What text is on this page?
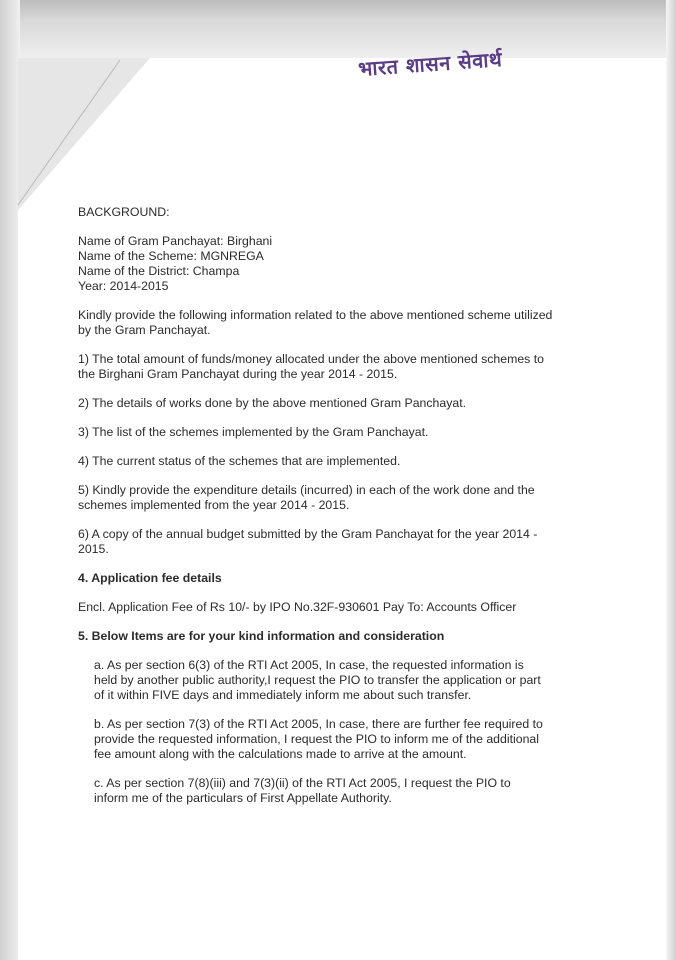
भारत शासन सेवार्थ

BACKGROUND:

Name of Gram Panchayat: Birghani

Name of the Scheme: MGNREGA

Name of the District: Champa

Year: 2014-2015

Kindly provide the following information related to the above mentioned scheme utilized

by the Gram Panchayat.

1) The total amount of funds/money allocated under the above mentioned schemes to

the Birghani Gram Panchayat during the year 2014 - 2015.

2) The details of works done by the above mentioned Gram Panchayat.

3) The list of the schemes implemented by the Gram Panchayat.

4) The current status of the schemes that are implemented.

5) Kindly provide the expenditure details (incurred) in each of the work done and the

schemes implemented from the year 2014 - 2015.

6) A copy of the annual budget submitted by the Gram Panchayat for the year 2014 -

2015.

4. Application fee details

Encl. Application Fee of Rs 10/- by IPO No.32F-930601 Pay To: Accounts Officer

5. Below Items are for your kind information and consideration

a. As per section 6(3) of the RTI Act 2005, In case, the requested information is

held by another public authority,I request the PIO to transfer the application or part

of it within FIVE days and immediately inform me about such transfer.

b. As per section 7(3) of the RTI Act 2005, In case, there are further fee required to

provide the requested information, I request the PIO to inform me of the additional

fee amount along with the calculations made to arrive at the amount.

c. As per section 7(8)(iii) and 7(3)(ii) of the RTI Act 2005, I request the PIO to

inform me of the particulars of First Appellate Authority.
